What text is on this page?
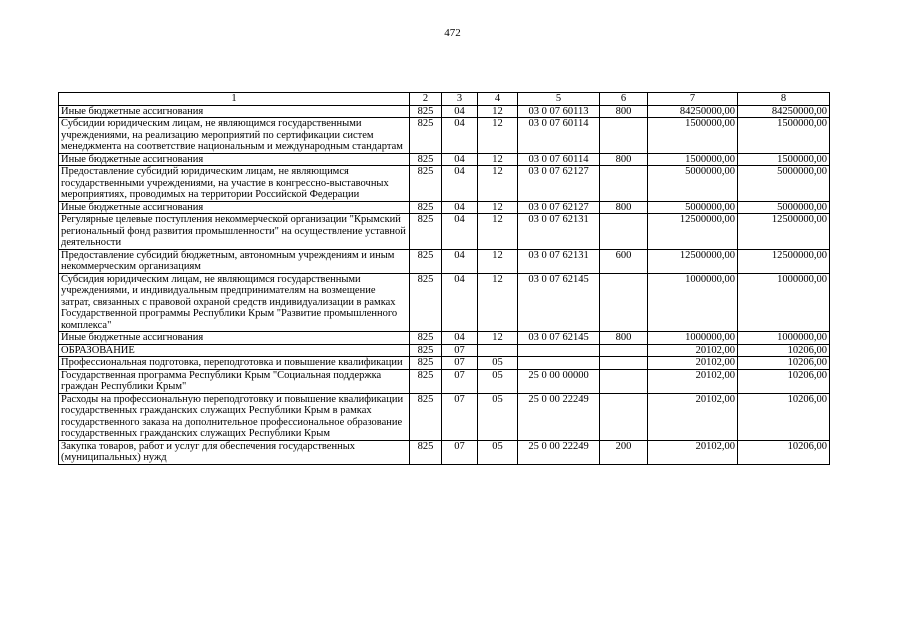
472
1	2	3	4	5	6	7	8
Иные бюджетные ассигнования	825	04	12	03 0 07 60113	800	84250000,00	84250000,00
Субсидии юридическим лицам, не являющимся государственными учреждениями, на реализацию мероприятий по сертификации систем менеджмента на соответствие национальным и международным стандартам	825	04	12	03 0 07 60114		1500000,00	1500000,00
Иные бюджетные ассигнования	825	04	12	03 0 07 60114	800	1500000,00	1500000,00
Предоставление субсидий юридическим лицам, не являющимся государственными учреждениями, на участие в конгрессно-выставочных мероприятиях, проводимых на территории Российской Федерации	825	04	12	03 0 07 62127		5000000,00	5000000,00
Иные бюджетные ассигнования	825	04	12	03 0 07 62127	800	5000000,00	5000000,00
Регулярные целевые поступления некоммерческой организации "Крымский региональный фонд развития промышленности" на осуществление уставной деятельности	825	04	12	03 0 07 62131		12500000,00	12500000,00
Предоставление субсидий бюджетным, автономным учреждениям и иным некоммерческим организациям	825	04	12	03 0 07 62131	600	12500000,00	12500000,00
Субсидия юридическим лицам, не являющимся государственными учреждениями, и индивидуальным предпринимателям на возмещение затрат, связанных с правовой охраной средств индивидуализации в рамках Государственной программы Республики Крым "Развитие промышленного комплекса"	825	04	12	03 0 07 62145		1000000,00	1000000,00
Иные бюджетные ассигнования	825	04	12	03 0 07 62145	800	1000000,00	1000000,00
ОБРАЗОВАНИЕ	825	07				20102,00	10206,00
Профессиональная подготовка, переподготовка и повышение квалификации	825	07	05			20102,00	10206,00
Государственная программа Республики Крым "Социальная поддержка граждан Республики Крым"	825	07	05	25 0 00 00000		20102,00	10206,00
Расходы на профессиональную переподготовку и повышение квалификации государственных гражданских служащих Республики Крым в рамках государственного заказа на дополнительное профессиональное образование государственных гражданских служащих Республики Крым	825	07	05	25 0 00 22249		20102,00	10206,00
Закупка товаров, работ и услуг для обеспечения государственных (муниципальных) нужд	825	07	05	25 0 00 22249	200	20102,00	10206,00
